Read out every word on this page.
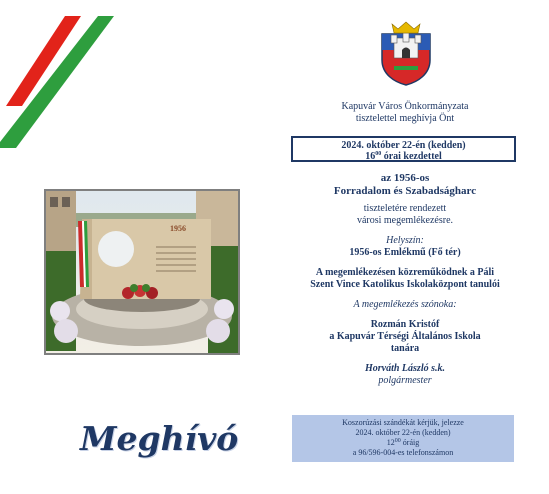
Kapuvár Város Önkormányzata
tisztelettel meghívja Önt
2024. október 22-én (kedden)
$16^{00}$ órai kezdettel
az 1956-os
Forradalom és Szabadságharc
tiszteletére rendezett
városi megemlékezésre.
Helyszín:
1956-os Emlékmű (Fő tér)
A megemlékezésen közreműködnek a Páli
Szent Vince Katolikus Iskolaközpont tanulói
A megemlékezés szónoka:
Rozmán Kristóf
a Kapuvár Térségi Általános Iskola
tanára
Horváth László s.k.
polgármester
1956
Meghívó	Koszorúzási szándékát kérjük, jelezze
2024. október 22-én (kedden)
$12^{00}$ óráig
a 96/596-004-es telefonszámon
